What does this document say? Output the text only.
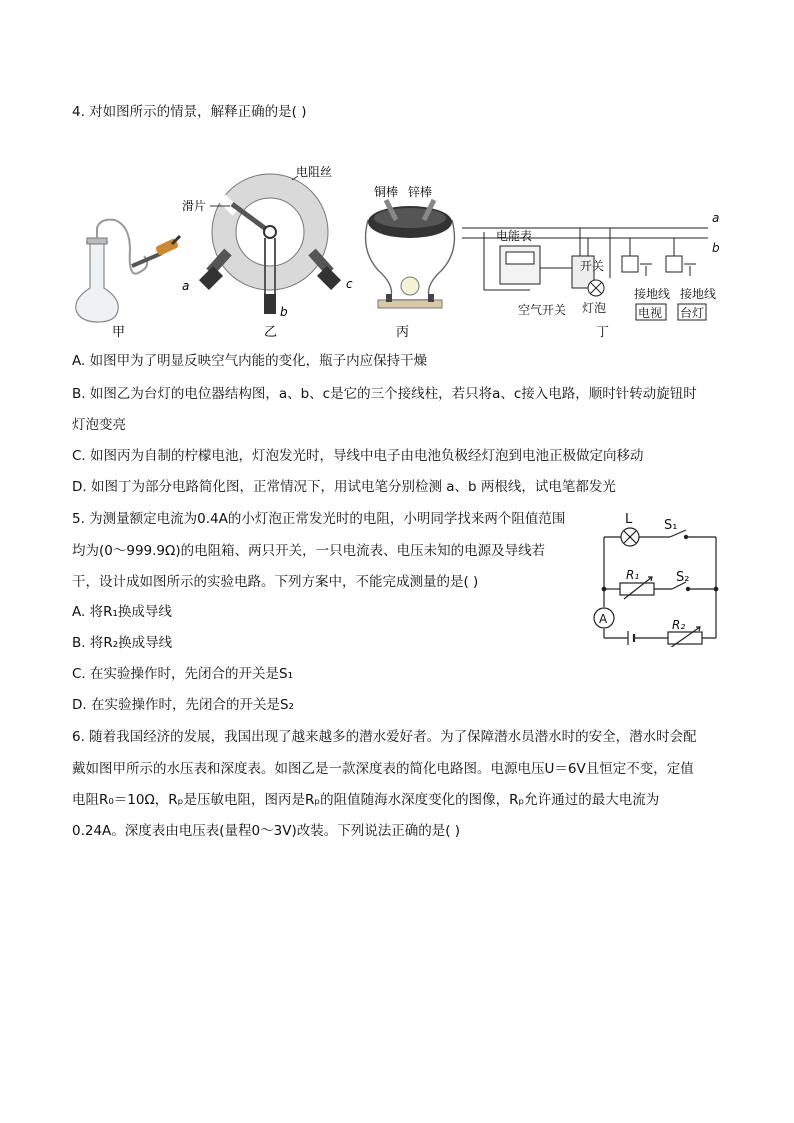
4. 对如图所示的情景，解释正确的是( )
甲
电阻丝
滑片
a
b
c
乙
铜棒 锌棒
丙
a
b
电能表
开关
灯泡
空气开关
接地线 接地线
电视 台灯
丁
A. 如图甲为了明显反映空气内能的变化，瓶子内应保持干燥
B. 如图乙为台灯的电位器结构图，a、b、c是它的三个接线柱，若只将a、c接入电路，顺时针转动旋钮时
灯泡变亮
C. 如图丙为自制的柠檬电池，灯泡发光时，导线中电子由电池负极经灯泡到电池正极做定向移动
D. 如图丁为部分电路简化图，正常情况下，用试电笔分别检测 a、b 两根线，试电笔都发光
5. 为测量额定电流为0.4A的小灯泡正常发光时的电阻，小明同学找来两个阻值范围
均为(0～999.9Ω)的电阻箱、两只开关，一只电流表、电压未知的电源及导线若
干，设计成如图所示的实验电路。下列方案中，不能完成测量的是( )
A. 将R₁换成导线
B. 将R₂换成导线
C. 在实验操作时，先闭合的开关是S₁
D. 在实验操作时，先闭合的开关是S₂
L S₁
R₁	S₂
A	R₂
6. 随着我国经济的发展，我国出现了越来越多的潜水爱好者。为了保障潜水员潜水时的安全，潜水时会配
戴如图甲所示的水压表和深度表。如图乙是一款深度表的简化电路图。电源电压U＝6V且恒定不变，定值
电阻R₀＝10Ω，Rₚ是压敏电阻，图丙是Rₚ的阻值随海水深度变化的图像，Rₚ允许通过的最大电流为
0.24A。深度表由电压表(量程0～3V)改装。下列说法正确的是( )
